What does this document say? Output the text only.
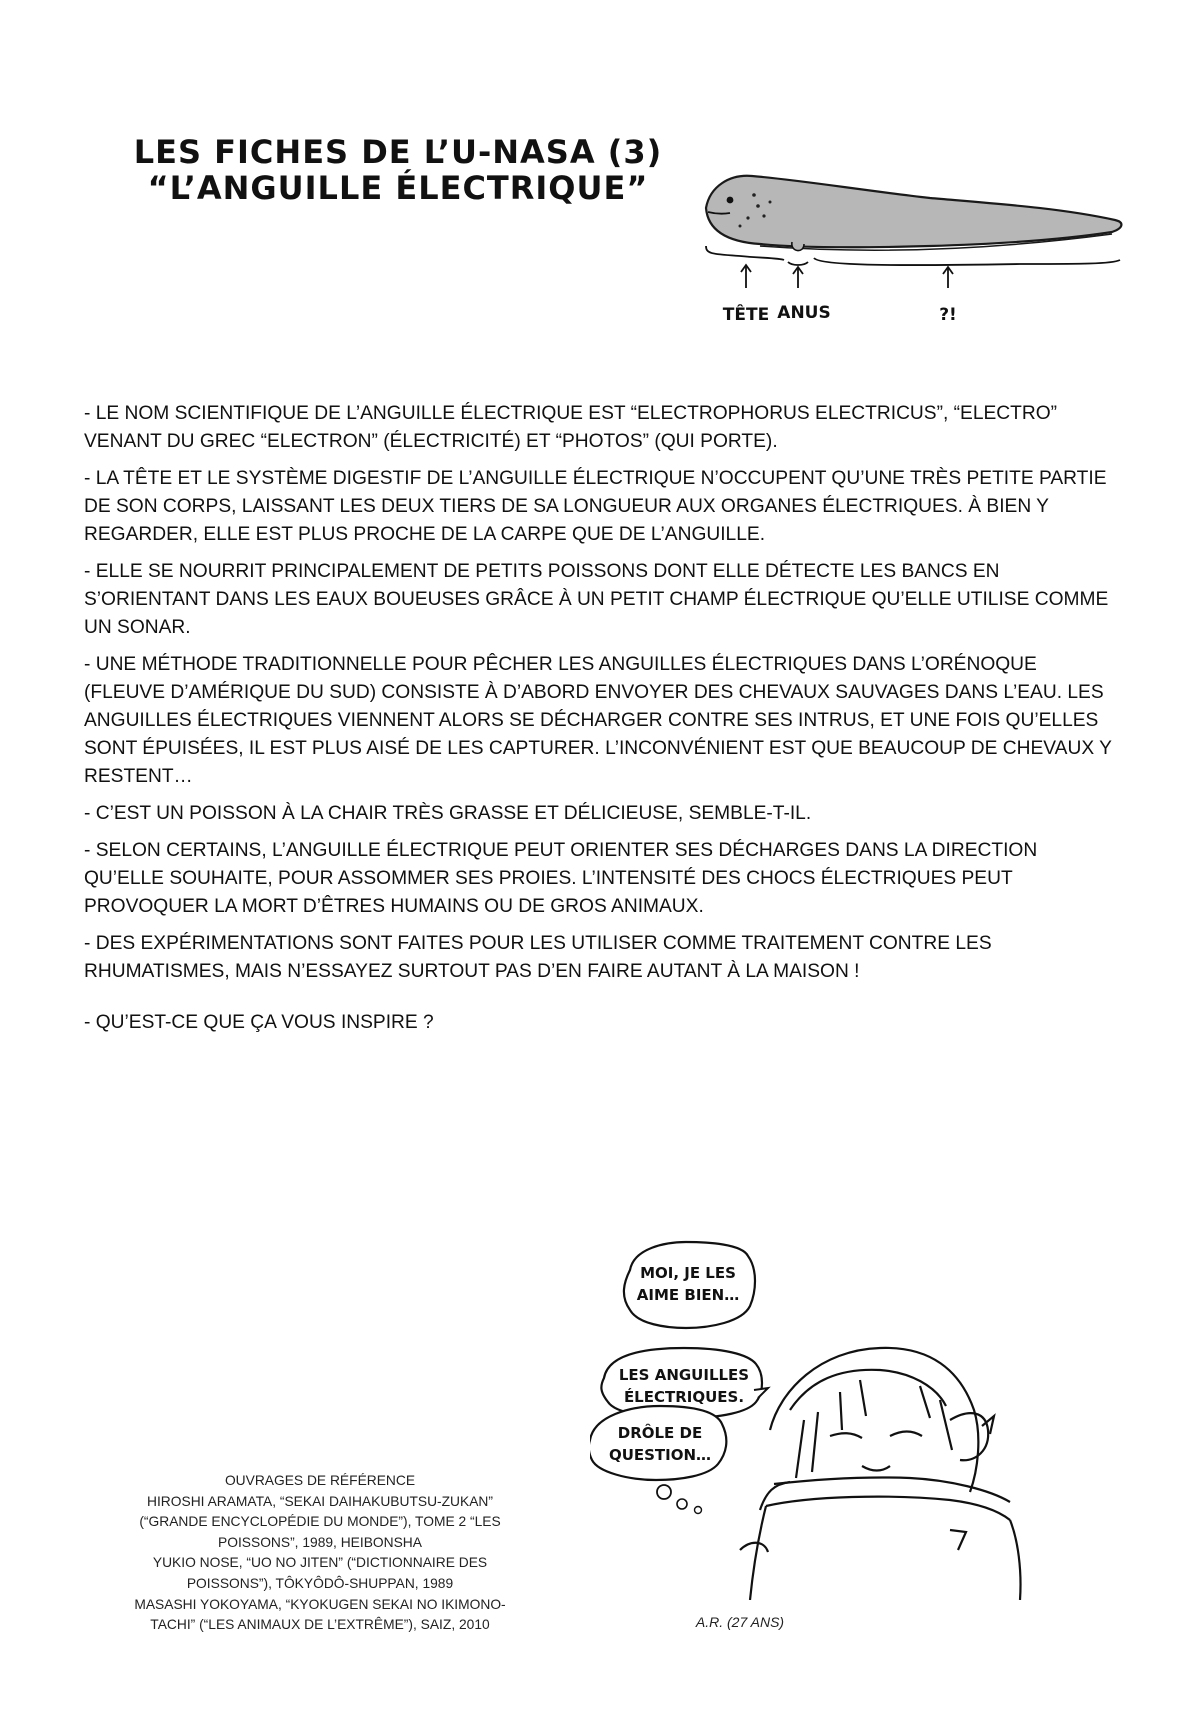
LES FICHES DE L’U-NASA (3)
“L’ANGUILLE ÉLECTRIQUE”
TÊTE ANUS	?!

- LE NOM SCIENTIFIQUE DE L’ANGUILLE ÉLECTRIQUE EST “ELECTROPHORUS ELECTRICUS”, “ELECTRO” VENANT DU GREC “ELECTRON” (ÉLECTRICITÉ) ET “PHOTOS” (QUI PORTE).

- LA TÊTE ET LE SYSTÈME DIGESTIF DE L’ANGUILLE ÉLECTRIQUE N’OCCUPENT QU’UNE TRÈS PETITE PARTIE DE SON CORPS, LAISSANT LES DEUX TIERS DE SA LONGUEUR AUX ORGANES ÉLECTRIQUES. À BIEN Y REGARDER, ELLE EST PLUS PROCHE DE LA CARPE QUE DE L’ANGUILLE.

- ELLE SE NOURRIT PRINCIPALEMENT DE PETITS POISSONS DONT ELLE DÉTECTE LES BANCS EN S’ORIENTANT DANS LES EAUX BOUEUSES GRÂCE À UN PETIT CHAMP ÉLECTRIQUE QU’ELLE UTILISE COMME UN SONAR.

- UNE MÉTHODE TRADITIONNELLE POUR PÊCHER LES ANGUILLES ÉLECTRIQUES DANS L’ORÉNOQUE (FLEUVE D’AMÉRIQUE DU SUD) CONSISTE À D’ABORD ENVOYER DES CHEVAUX SAUVAGES DANS L’EAU. LES ANGUILLES ÉLECTRIQUES VIENNENT ALORS SE DÉCHARGER CONTRE SES INTRUS, ET UNE FOIS QU’ELLES SONT ÉPUISÉES, IL EST PLUS AISÉ DE LES CAPTURER. L’INCONVÉNIENT EST QUE BEAUCOUP DE CHEVAUX Y RESTENT…

- C’EST UN POISSON À LA CHAIR TRÈS GRASSE ET DÉLICIEUSE, SEMBLE-T-IL.

- SELON CERTAINS, L’ANGUILLE ÉLECTRIQUE PEUT ORIENTER SES DÉCHARGES DANS LA DIRECTION QU’ELLE SOUHAITE, POUR ASSOMMER SES PROIES. L’INTENSITÉ DES CHOCS ÉLECTRIQUES PEUT PROVOQUER LA MORT D’ÊTRES HUMAINS OU DE GROS ANIMAUX.

- DES EXPÉRIMENTATIONS SONT FAITES POUR LES UTILISER COMME TRAITEMENT CONTRE LES RHUMATISMES, MAIS N’ESSAYEZ SURTOUT PAS D’EN FAIRE AUTANT À LA MAISON !

- QU’EST-CE QUE ÇA VOUS INSPIRE ?

OUVRAGES DE RÉFÉRENCE
HIROSHI ARAMATA, “SEKAI DAIHAKUBUTSU-ZUKAN”
(“GRANDE ENCYCLOPÉDIE DU MONDE”), TOME 2 “LES
POISSONS”, 1989, HEIBONSHA
YUKIO NOSE, “UO NO JITEN” (“DICTIONNAIRE DES
POISSONS”), TÔKYÔDÔ-SHUPPAN, 1989
MASASHI YOKOYAMA, “KYOKUGEN SEKAI NO IKIMONO-
TACHI” (“LES ANIMAUX DE L’EXTRÊME”), SAIZ, 2010
MOI, JE LES
AIME BIEN…
LES ANGUILLES
ÉLECTRIQUES.
DRÔLE DE
QUESTION…
A.R. (27 ANS)
